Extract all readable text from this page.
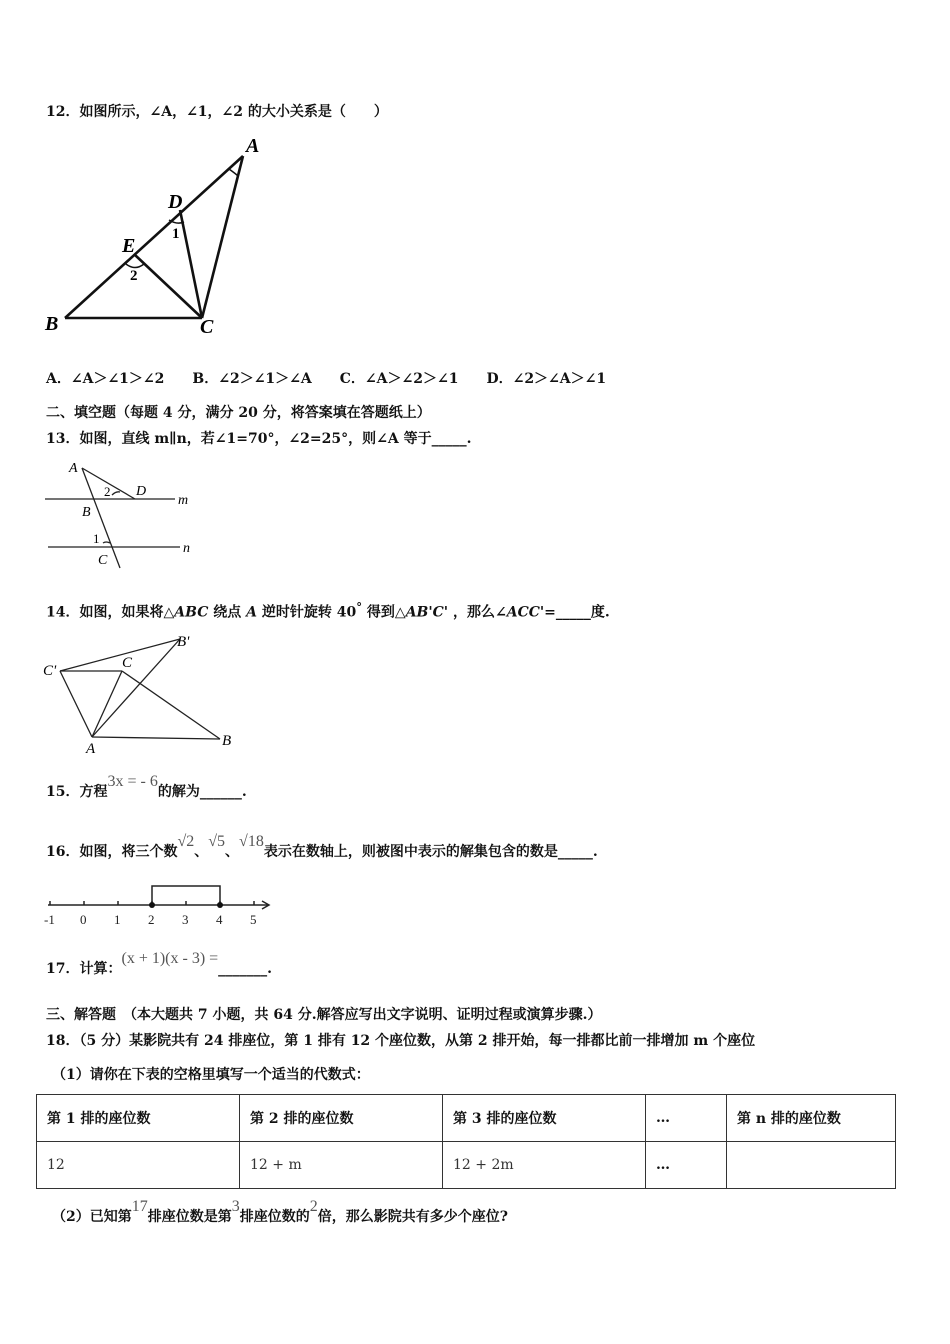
12．如图所示，∠A，∠1，∠2 的大小关系是（　　）
A
D
1
E
2
B	C
A．∠A＞∠1＞∠2　　B．∠2＞∠1＞∠A　　C．∠A＞∠2＞∠1　　D．∠2＞∠A＞∠1
二、填空题（每题 4 分，满分 20 分，将答案填在答题纸上）
13．如图，直线 m∥n，若∠1=70°，∠2=25°，则∠A 等于_____.
A
2 D
m
B
1
n
C
14．如图，如果将△ABC 绕点 A 逆时针旋转 40° 得到△AB'C' ，那么∠ACC'=_____度.
C'	C
B'
A	B
15．方程3x = - 6的解为______.
16．如图，将三个数√2、√5、√18表示在数轴上，则被图中表示的解集包含的数是_____.
-1 0 1 2 3 4 5
17．计算：(x + 1)(x - 3) =_______.
三、解答题　（本大题共 7 小题，共 64 分.解答应写出文字说明、证明过程或演算步骤.）
18．（5 分）某影院共有 24 排座位，第 1 排有 12 个座位数，从第 2 排开始，每一排都比前一排增加 m 个座位
（1）请你在下表的空格里填写一个适当的代数式：
第 1 排的座位数	第 2 排的座位数	第 3 排的座位数	…	第 n 排的座位数
12	12 + m	12 + 2m	…	
（2）已知第17排座位数是第3排座位数的2倍，那么影院共有多少个座位?
